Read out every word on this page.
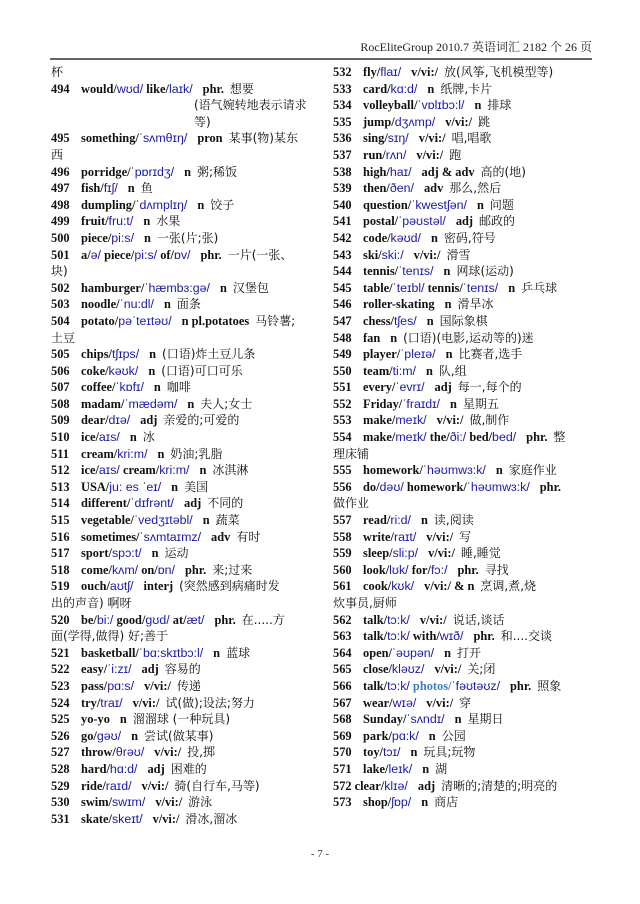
RocEliteGroup 2010.7 英语词汇 2182 个 26 页
杯
494 would/wʊd/ like/laɪk/ phr. 想要
(语气婉转地表示请求等)
495 something/ˈsʌmθɪŋ/ pron 某事(物)某东
西
496 porridge/ˈpɒrɪdʒ/ n 粥;稀饭
497 fish/fɪʃ/ n 鱼
498 dumpling/ˈdʌmplɪŋ/ n 饺子
499 fruit/fru:t/ n 水果
500 piece/pi:s/ n 一张(片;张)
501 a/ə/ piece/pi:s/ of/ɒv/ phr. 一片(一张、
块)
502 hamburger/ˈhæmbɜ:gə/ n 汉堡包
503 noodle/ˈnu:dl/ n 面条
504 potato/pəˈteɪtəʊ/ n pl.potatoes 马铃薯;
土豆
505 chips/tʃɪps/ n (口语)炸土豆儿条
506 coke/kəʊk/ n (口语)可口可乐
507 coffee/ˈkɒfɪ/ n 咖啡
508 madam/ˈmædəm/ n 夫人;女士
509 dear/dɪə/ adj 亲爱的;可爱的
510 ice/aɪs/ n 冰
511 cream/kri:m/ n 奶油;乳脂
512 ice/aɪs/ cream/kri:m/ n 冰淇淋
513 USA/ju: es ˈeɪ/ n 美国
514 different/ˈdɪfrənt/ adj 不同的
515 vegetable/ˈvedʒɪtəbl/ n 蔬菜
516 sometimes/ˈsʌmtaɪmz/ adv 有时
517 sport/spɔ:t/ n 运动
518 come/kʌm/ on/ɒn/ phr. 来;过来
519 ouch/aʊtʃ/ interj (突然感到病痛时发
出的声音) 啊呀
520 be/bi:/ good/gʊd/ at/æt/ phr. 在.....方
面(学得,做得) 好;善于
521 basketball/ˈbɑ:skɪtbɔ:l/ n 蓝球
522 easy/ˈi:zɪ/ adj 容易的
523 pass/pɑ:s/ v/vi:/ 传递
524 try/traɪ/ v/vi:/ 试(做);设法;努力
525 yo-yo n 溜溜球 (一种玩具)
526 go/gəʊ/ n 尝试(做某事)
527 throw/θrəʊ/ v/vi:/ 投,掷
528 hard/hɑ:d/ adj 困难的
529 ride/raɪd/ v/vi:/ 骑(自行车,马等)
530 swim/swɪm/ v/vi:/ 游泳
531 skate/skeɪt/ v/vi:/ 滑冰,溜冰
532 fly/flaɪ/ v/vi:/ 放(风筝,飞机模型等)
533 card/kɑ:d/ n 纸牌,卡片
534 volleyball/ˈvɒlɪbɔ:l/ n 排球
535 jump/dʒʌmp/ v/vi:/ 跳
536 sing/sɪŋ/ v/vi:/ 唱,唱歌
537 run/rʌn/ v/vi:/ 跑
538 high/haɪ/ adj & adv 高的(地)
539 then/ðen/ adv 那么,然后
540 question/ˈkwestʃən/ n 问题
541 postal/ˈpəʊstəl/ adj 邮政的
542 code/kəʊd/ n 密码,符号
543 ski/ski:/ v/vi:/ 滑雪
544 tennis/ˈtenɪs/ n 网球(运动)
545 table/ˈteɪbl/ tennis/ˈtenɪs/ n 乒乓球
546 roller-skating n 滑旱冰
547 chess/tʃes/ n 国际象棋
548 fan n (口语)(电影,运动等的)迷
549 player/ˈpleɪə/ n 比赛者,选手
550 team/ti:m/ n 队,组
551 every/ˈevrɪ/ adj 每一,每个的
552 Friday/ˈfraɪdɪ/ n 星期五
553 make/meɪk/ v/vi:/ 做,制作
554 make/meɪk/ the/ði:/ bed/bed/ phr. 整
理床铺
555 homework/ˈhəʊmwɜ:k/ n 家庭作业
556 do/dəʊ/ homework/ˈhəʊmwɜ:k/ phr.
做作业
557 read/ri:d/ n 读,阅读
558 write/raɪt/ v/vi:/ 写
559 sleep/sli:p/ v/vi:/ 睡,睡觉
560 look/lʊk/ for/fɔ:/ phr. 寻找
561 cook/kʊk/ v/vi:/ & n 烹调,煮,烧
炊事员,厨师
562 talk/tɔ:k/ v/vi:/ 说话,谈话
563 talk/tɔ:k/ with/wɪð/ phr. 和....交谈
564 open/ˈəʊpən/ n 打开
565 close/kləʊz/ v/vi:/ 关;闭
566 talk/tɔ:k/ photos/ˈfəʊtəʊz/ phr. 照象
567 wear/wɪə/ v/vi:/ 穿
568 Sunday/ˈsʌndɪ/ n 星期日
569 park/pɑ:k/ n 公园
570 toy/tɔɪ/ n 玩具;玩物
571 lake/leɪk/ n 湖
572 clear/klɪə/ adj 清晰的;清楚的;明亮的
573 shop/ʃɒp/ n 商店
- 7 -
